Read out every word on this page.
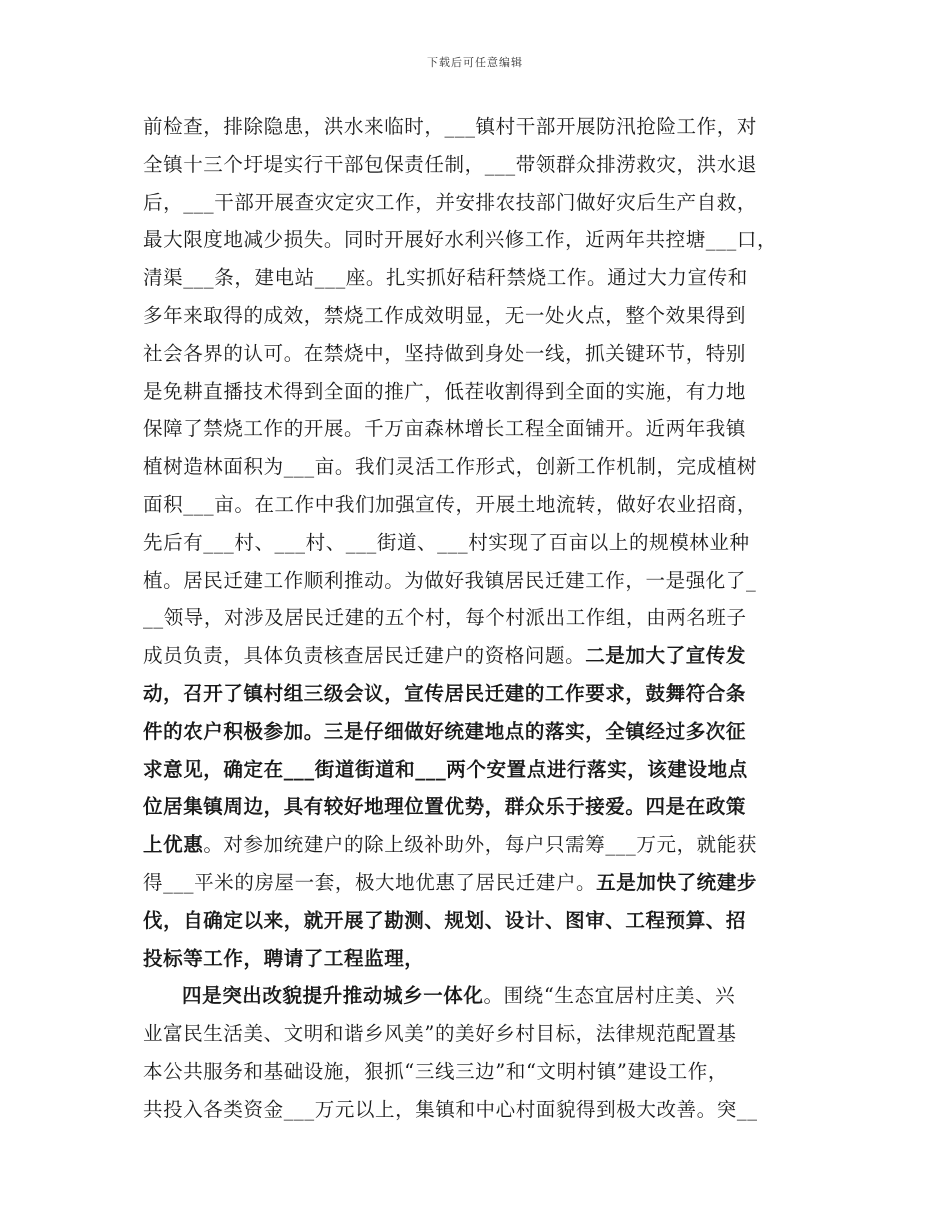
下载后可任意编辑
前检查，排除隐患，洪水来临时，___镇村干部开展防汛抢险工作，对
全镇十三个圩堤实行干部包保责任制，___带领群众排涝救灾，洪水退
后，___干部开展查灾定灾工作，并安排农技部门做好灾后生产自救，
最大限度地减少损失。同时开展好水利兴修工作，近两年共控塘___口，
清渠___条，建电站___座。扎实抓好秸秆禁烧工作。通过大力宣传和
多年来取得的成效，禁烧工作成效明显，无一处火点，整个效果得到
社会各界的认可。在禁烧中，坚持做到身处一线，抓关键环节，特别
是免耕直播技术得到全面的推广，低茬收割得到全面的实施，有力地
保障了禁烧工作的开展。千万亩森林增长工程全面铺开。近两年我镇
植树造林面积为___亩。我们灵活工作形式，创新工作机制，完成植树
面积___亩。在工作中我们加强宣传，开展土地流转，做好农业招商，
先后有___村、___村、___街道、___村实现了百亩以上的规模林业种
植。居民迁建工作顺利推动。为做好我镇居民迁建工作，一是强化了_
__领导，对涉及居民迁建的五个村，每个村派出工作组，由两名班子
成员负责，具体负责核查居民迁建户的资格问题。二是加大了宣传发
动，召开了镇村组三级会议，宣传居民迁建的工作要求，鼓舞符合条
件的农户积极参加。三是仔细做好统建地点的落实，全镇经过多次征
求意见，确定在___街道街道和___两个安置点进行落实，该建设地点
位居集镇周边，具有较好地理位置优势，群众乐于接爱。四是在政策
上优惠。对参加统建户的除上级补助外，每户只需筹___万元，就能获
得___平米的房屋一套，极大地优惠了居民迁建户。五是加快了统建步
伐，自确定以来，就开展了勘测、规划、设计、图审、工程预算、招
投标等工作，聘请了工程监理，
四是突出改貌提升推动城乡一体化。围绕“生态宜居村庄美、兴
业富民生活美、文明和谐乡风美”的美好乡村目标，法律规范配置基
本公共服务和基础设施，狠抓“三线三边”和“文明村镇”建设工作，
共投入各类资金___万元以上，集镇和中心村面貌得到极大改善。突__
